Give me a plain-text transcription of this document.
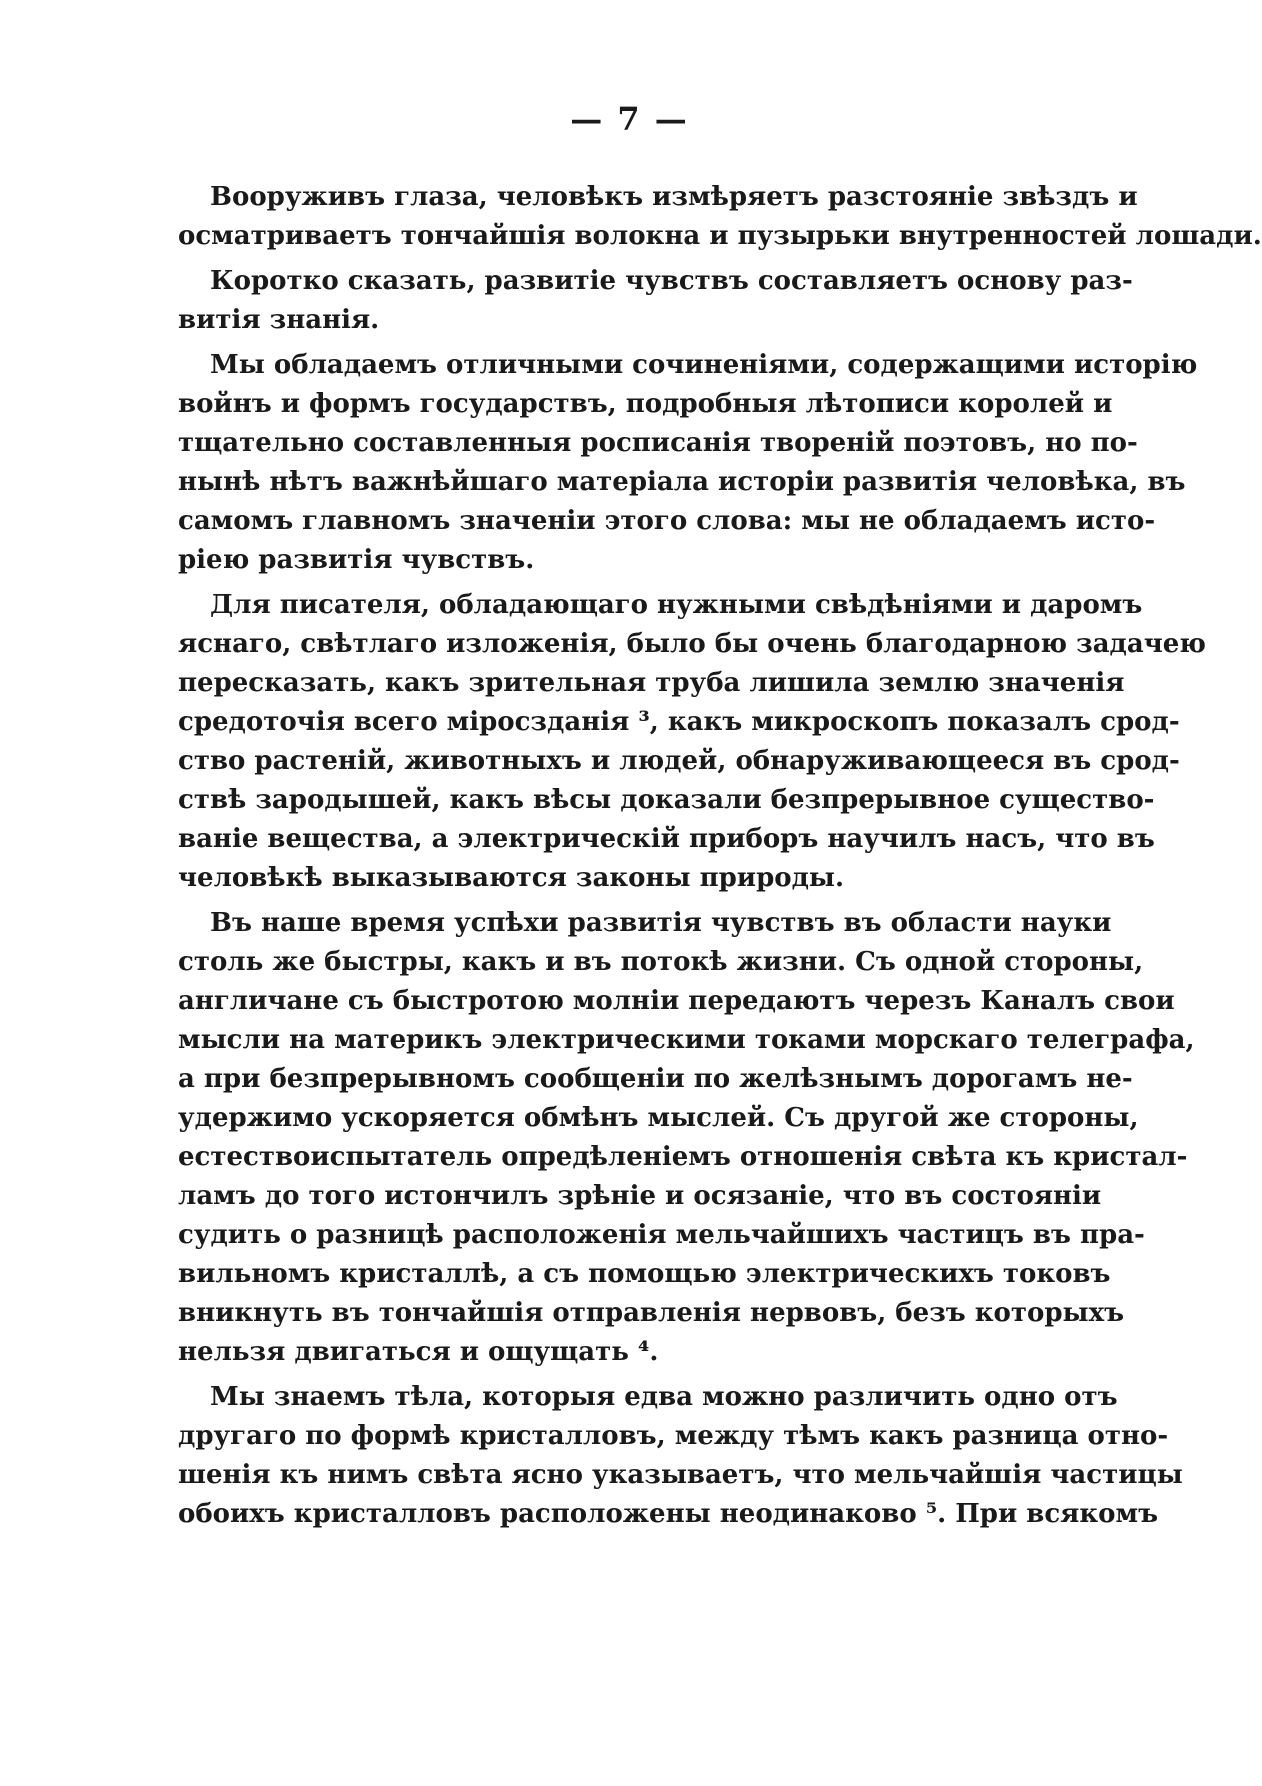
— 7 —
Вооруживъ глаза, человѣкъ измѣряетъ разстояніе звѣздъ и
осматриваетъ тончайшія волокна и пузырьки внутренностей лошади.
Коротко сказать, развитіе чувствъ составляетъ основу раз-
витія знанія.
Мы обладаемъ отличными сочиненіями, содержащими исторію
войнъ и формъ государствъ, подробныя лѣтописи королей и
тщательно составленныя росписанія твореній поэтовъ, но по-
нынѣ нѣтъ важнѣйшаго матеріала исторіи развитія человѣка, въ
самомъ главномъ значеніи этого слова: мы не обладаемъ исто-
ріею развитія чувствъ.
Для писателя, обладающаго нужными свѣдѣніями и даромъ
яснаго, свѣтлаго изложенія, было бы очень благодарною задачею
пересказать, какъ зрительная труба лишила землю значенія
средоточія всего міросзданія ³, какъ микроскопъ показалъ срод-
ство растеній, животныхъ и людей, обнаруживающееся въ срод-
ствѣ зародышей, какъ вѣсы доказали безпрерывное существо-
ваніе вещества, а электрическій приборъ научилъ насъ, что въ
человѣкѣ выказываются законы природы.
Въ наше время успѣхи развитія чувствъ въ области науки
столь же быстры, какъ и въ потокѣ жизни. Съ одной стороны,
англичане съ быстротою молніи передаютъ черезъ Каналъ свои
мысли на материкъ электрическими токами морскаго телеграфа,
а при безпрерывномъ сообщеніи по желѣзнымъ дорогамъ не-
удержимо ускоряется обмѣнъ мыслей. Съ другой же стороны,
естествоиспытатель опредѣленіемъ отношенія свѣта къ кристал-
ламъ до того истончилъ зрѣніе и осязаніе, что въ состояніи
судить о разницѣ расположенія мельчайшихъ частицъ въ пра-
вильномъ кристаллѣ, а съ помощью электрическихъ токовъ
вникнуть въ тончайшія отправленія нервовъ, безъ которыхъ
нельзя двигаться и ощущать ⁴.
Мы знаемъ тѣла, которыя едва можно различить одно отъ
другаго по формѣ кристалловъ, между тѣмъ какъ разница отно-
шенія къ нимъ свѣта ясно указываетъ, что мельчайшія частицы
обоихъ кристалловъ расположены неодинаково ⁵. При всякомъ
